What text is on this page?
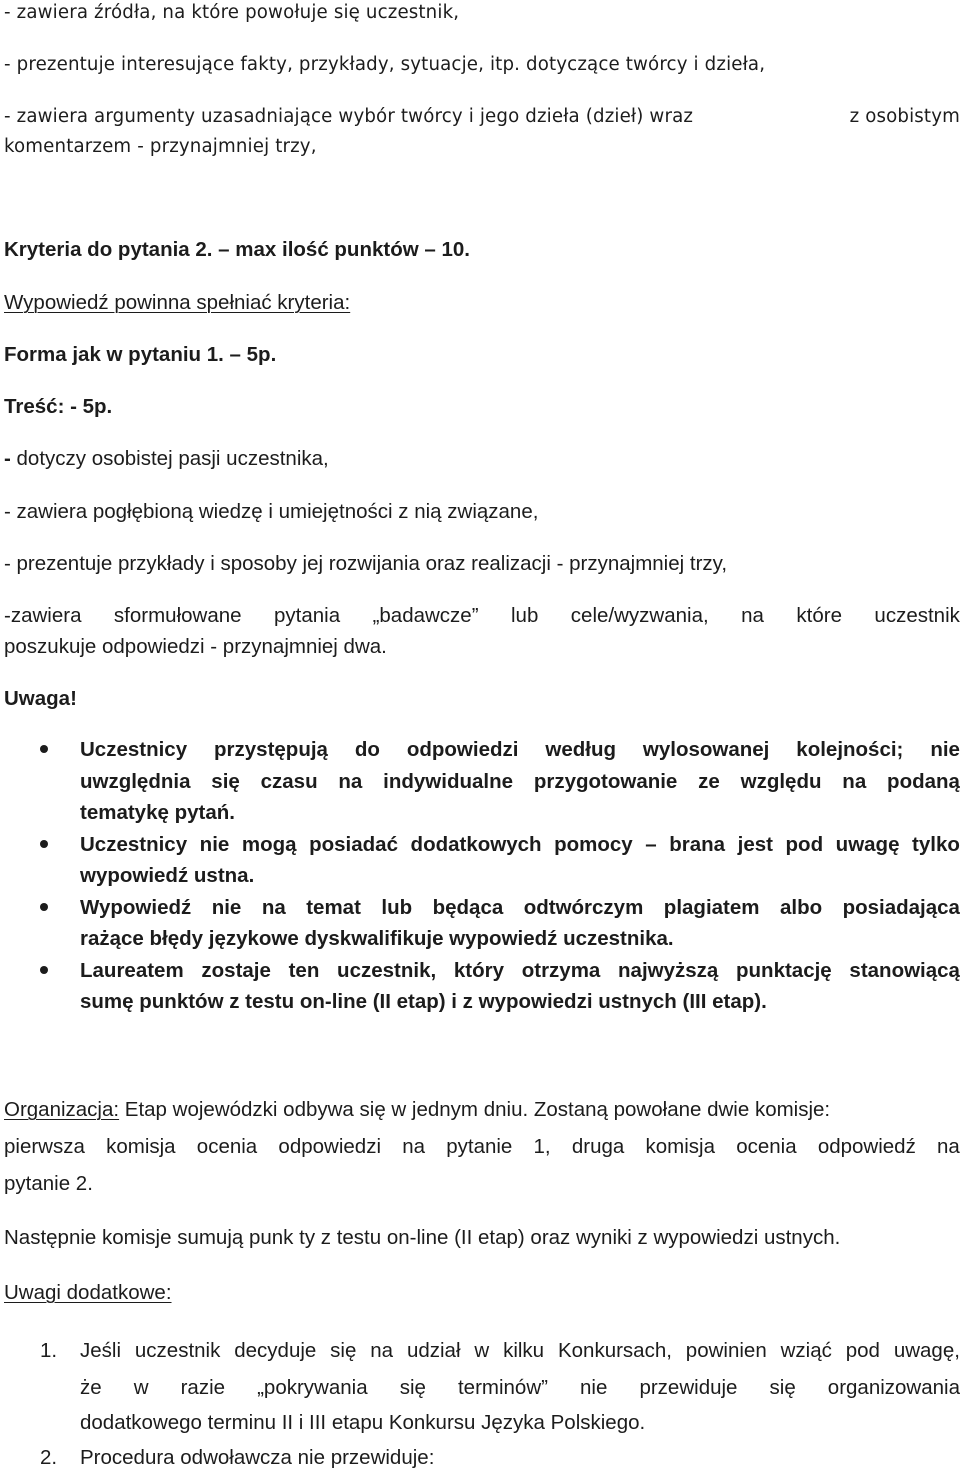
- zawiera źródła, na które powołuje się uczestnik,
- prezentuje interesujące fakty, przykłady, sytuacje, itp. dotyczące twórcy i dzieła,
- zawiera argumenty uzasadniające wybór twórcy i jego dzieła (dzieł) wraz	z osobistym
komentarzem - przynajmniej trzy,
Kryteria do pytania 2. – max ilość punktów – 10.
Wypowiedź powinna spełniać kryteria:
Forma jak w pytaniu 1. – 5p.
Treść: - 5p.
- dotyczy osobistej pasji uczestnika,
- zawiera pogłębioną wiedzę i umiejętności z nią związane,
- prezentuje przykłady i sposoby jej rozwijania oraz realizacji - przynajmniej trzy,
-zawiera sformułowane pytania „badawcze” lub cele/wyzwania, na które uczestnik
poszukuje odpowiedzi - przynajmniej dwa.
Uwaga!
Uczestnicy przystępują do odpowiedzi według wylosowanej kolejności; nie
uwzględnia się czasu na indywidualne przygotowanie ze względu na podaną
tematykę pytań.
Uczestnicy nie mogą posiadać dodatkowych pomocy – brana jest pod uwagę tylko
wypowiedź ustna.
Wypowiedź nie na temat lub będąca odtwórczym plagiatem albo posiadająca
rażące błędy językowe dyskwalifikuje wypowiedź uczestnika.
Laureatem zostaje ten uczestnik, który otrzyma najwyższą punktację stanowiącą
sumę punktów z testu on-line (II etap) i z wypowiedzi ustnych (III etap).
Organizacja: Etap wojewódzki odbywa się w jednym dniu. Zostaną powołane dwie komisje:
pierwsza komisja ocenia odpowiedzi na pytanie 1, druga komisja ocenia odpowiedź na
pytanie 2.
Następnie komisje sumują punk ty z testu on-line (II etap) oraz wyniki z wypowiedzi ustnych.
Uwagi dodatkowe:
1. Jeśli uczestnik decyduje się na udział w kilku Konkursach, powinien wziąć pod uwagę,
że w razie „pokrywania się terminów” nie przewiduje się organizowania
dodatkowego terminu II i III etapu Konkursu Języka Polskiego.
2. Procedura odwoławcza nie przewiduje:
